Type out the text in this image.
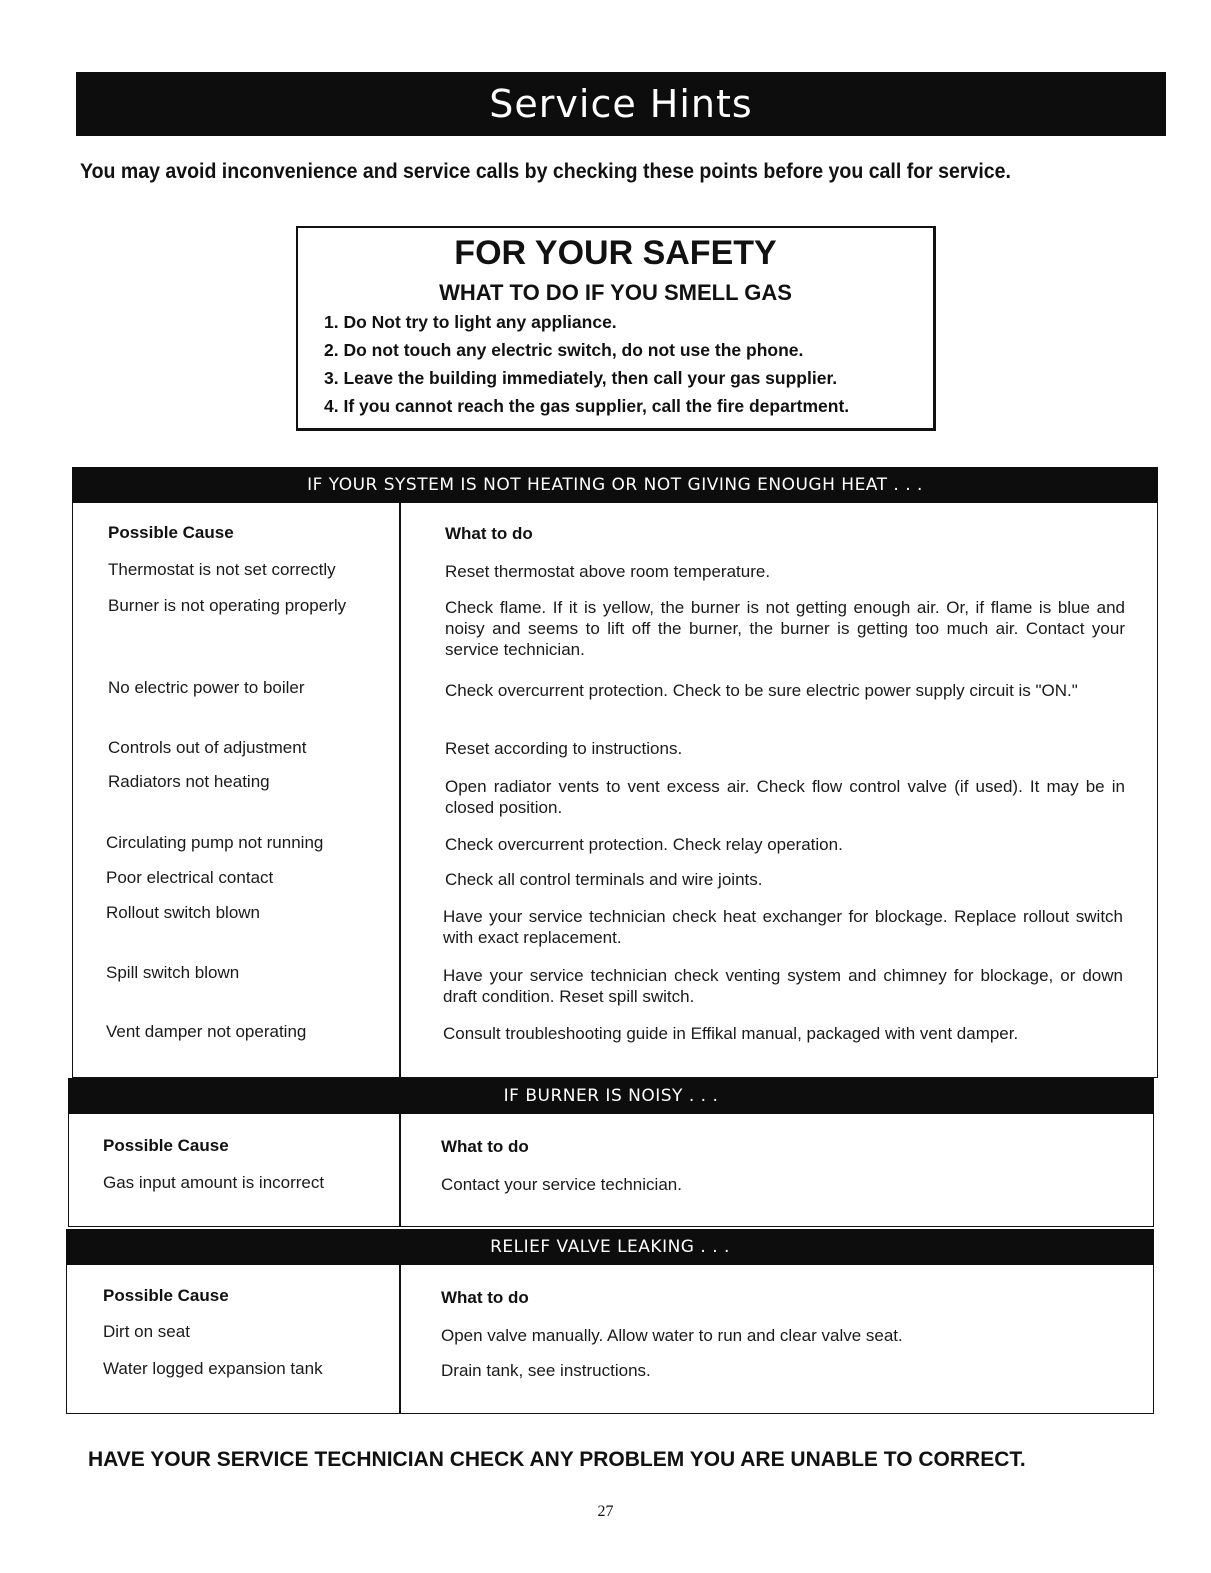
Service Hints
You may avoid inconvenience and service calls by checking these points before you call for service.
FOR YOUR SAFETY
WHAT TO DO IF YOU SMELL GAS
1. Do Not try to light any appliance.
2. Do not touch any electric switch, do not use the phone.
3. Leave the building immediately, then call your gas supplier.
4. If you cannot reach the gas supplier, call the fire department.
IF YOUR SYSTEM IS NOT HEATING OR NOT GIVING ENOUGH HEAT . . .
Possible Cause	What to do
Thermostat is not set correctly	Reset thermostat above room temperature.
Burner is not operating properly	Check flame. If it is yellow, the burner is not getting enough air. Or, if flame is blue and noisy and seems to lift off the burner, the burner is getting too much air. Contact your service technician.
No electric power to boiler	Check overcurrent protection. Check to be sure electric power supply circuit is "ON."
Controls out of adjustment	Reset according to instructions.
Radiators not heating	Open radiator vents to vent excess air. Check flow control valve (if used). It may be in closed position.
Circulating pump not running	Check overcurrent protection. Check relay operation.
Poor electrical contact	Check all control terminals and wire joints.
Rollout switch blown	Have your service technician check heat exchanger for blockage. Replace rollout switch with exact replacement.
Spill switch blown	Have your service technician check venting system and chimney for blockage, or down draft condition. Reset spill switch.
Vent damper not operating	Consult troubleshooting guide in Effikal manual, packaged with vent damper.
IF BURNER IS NOISY . . .
Possible Cause	What to do
Gas input amount is incorrect	Contact your service technician.
RELIEF VALVE LEAKING . . .
Possible Cause	What to do
Dirt on seat	Open valve manually. Allow water to run and clear valve seat.
Water logged expansion tank	Drain tank, see instructions.
HAVE YOUR SERVICE TECHNICIAN CHECK ANY PROBLEM YOU ARE UNABLE TO CORRECT.
27
